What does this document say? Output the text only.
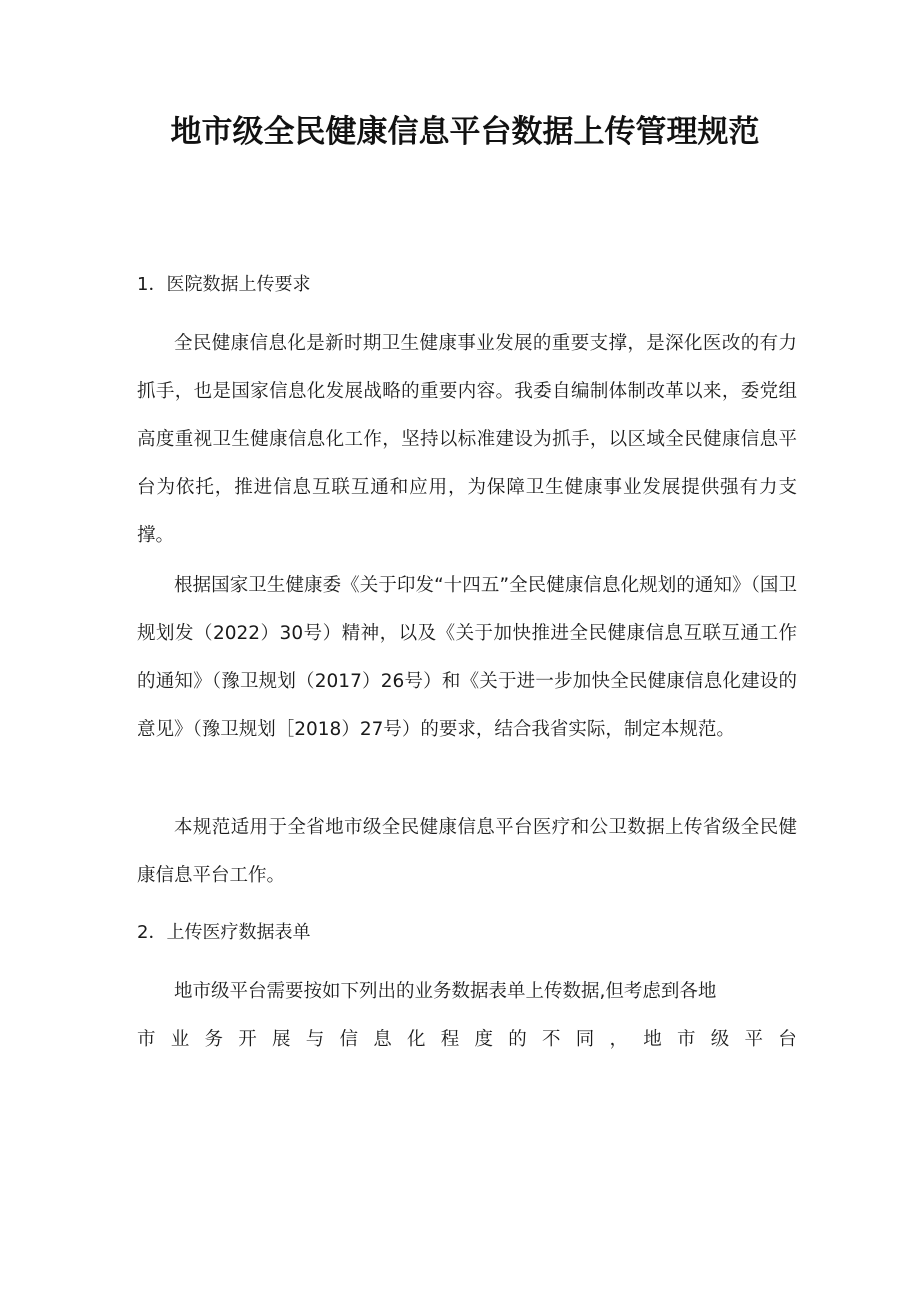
地市级全民健康信息平台数据上传管理规范

1．医院数据上传要求

全民健康信息化是新时期卫生健康事业发展的重要支撑，是深化医改的有力抓手，也是国家信息化发展战略的重要内容。我委自编制体制改革以来，委党组高度重视卫生健康信息化工作，坚持以标准建设为抓手，以区域全民健康信息平台为依托，推进信息互联互通和应用，为保障卫生健康事业发展提供强有力支撑。

根据国家卫生健康委《关于印发“十四五”全民健康信息化规划的通知》（国卫规划发（2022）30号）精神，以及《关于加快推进全民健康信息互联互通工作的通知》（豫卫规划（2017）26号）和《关于进一步加快全民健康信息化建设的意见》（豫卫规划［2018）27号）的要求，结合我省实际，制定本规范。

本规范适用于全省地市级全民健康信息平台医疗和公卫数据上传省级全民健康信息平台工作。

2．上传医疗数据表单

地市级平台需要按如下列出的业务数据表单上传数据,但考虑到各地

市 业 务 开 展 与 信 息 化 程 度 的 不 同 ， 地 市 级 平 台
